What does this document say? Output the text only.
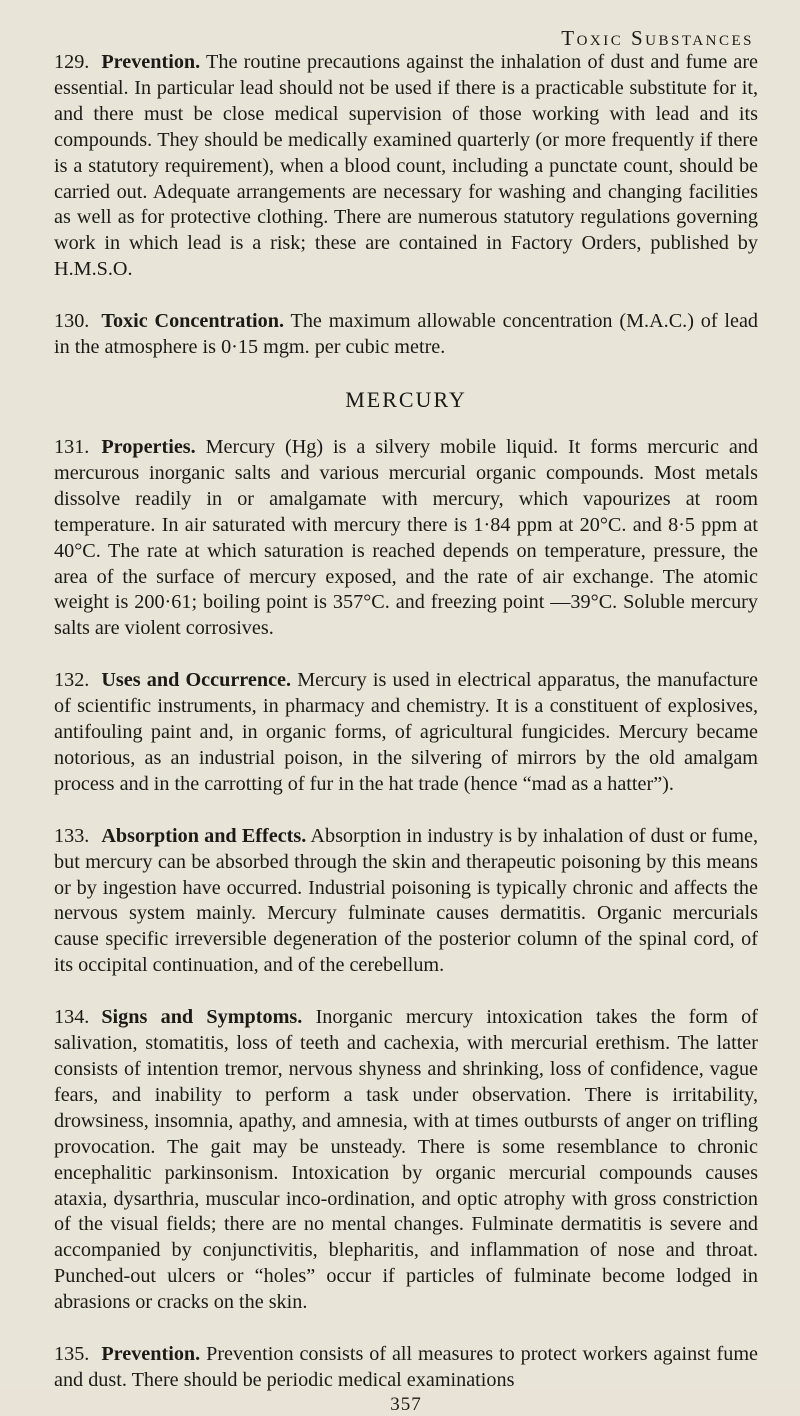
Toxic Substances

129. Prevention. The routine precautions against the inhalation of dust and fume are essential. In particular lead should not be used if there is a practicable substitute for it, and there must be close medical supervision of those working with lead and its compounds. They should be medically examined quarterly (or more frequently if there is a statutory requirement), when a blood count, including a punctate count, should be carried out. Adequate arrangements are necessary for washing and changing facilities as well as for protective clothing. There are numerous statutory regulations governing work in which lead is a risk; these are contained in Factory Orders, published by H.M.S.O.

130. Toxic Concentration. The maximum allowable concentration (M.A.C.) of lead in the atmosphere is 0·15 mgm. per cubic metre.

MERCURY

131. Properties. Mercury (Hg) is a silvery mobile liquid. It forms mercuric and mercurous inorganic salts and various mercurial organic compounds. Most metals dissolve readily in or amalgamate with mercury, which vapourizes at room temperature. In air saturated with mercury there is 1·84 ppm at 20°C. and 8·5 ppm at 40°C. The rate at which saturation is reached depends on temperature, pressure, the area of the surface of mercury exposed, and the rate of air exchange. The atomic weight is 200·61; boiling point is 357°C. and freezing point —39°C. Soluble mercury salts are violent corrosives.

132. Uses and Occurrence. Mercury is used in electrical apparatus, the manufacture of scientific instruments, in pharmacy and chemistry. It is a constituent of explosives, antifouling paint and, in organic forms, of agricultural fungicides. Mercury became notorious, as an industrial poison, in the silvering of mirrors by the old amalgam process and in the carrotting of fur in the hat trade (hence “mad as a hatter”).

133. Absorption and Effects. Absorption in industry is by inhalation of dust or fume, but mercury can be absorbed through the skin and therapeutic poisoning by this means or by ingestion have occurred. Industrial poisoning is typically chronic and affects the nervous system mainly. Mercury fulminate causes dermatitis. Organic mercurials cause specific irreversible degeneration of the posterior column of the spinal cord, of its occipital continuation, and of the cerebellum.

134. Signs and Symptoms. Inorganic mercury intoxication takes the form of salivation, stomatitis, loss of teeth and cachexia, with mercurial erethism. The latter consists of intention tremor, nervous shyness and shrinking, loss of confidence, vague fears, and inability to perform a task under observation. There is irritability, drowsiness, insomnia, apathy, and amnesia, with at times outbursts of anger on trifling provocation. The gait may be unsteady. There is some resemblance to chronic encephalitic parkinsonism. Intoxication by organic mercurial compounds causes ataxia, dysarthria, muscular inco-ordination, and optic atrophy with gross constriction of the visual fields; there are no mental changes. Fulminate dermatitis is severe and accompanied by conjunctivitis, blepharitis, and inflammation of nose and throat. Punched-out ulcers or “holes” occur if particles of fulminate become lodged in abrasions or cracks on the skin.

135. Prevention. Prevention consists of all measures to protect workers against fume and dust. There should be periodic medical examinations

357
